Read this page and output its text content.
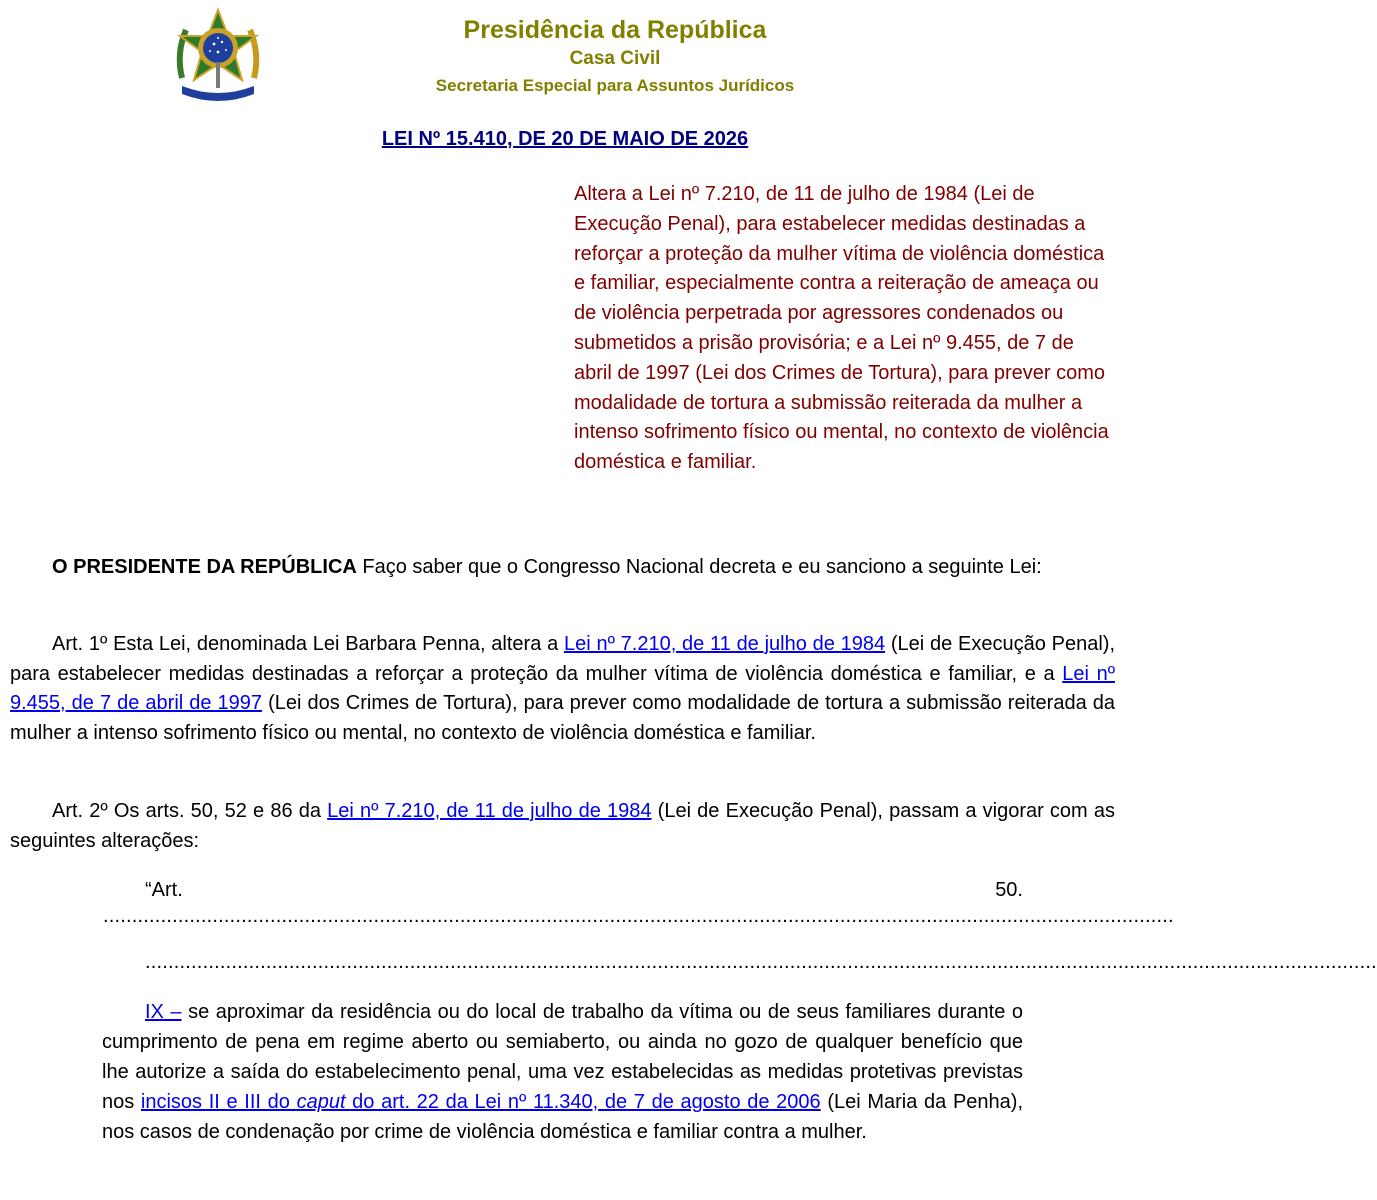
Presidência da República
Casa Civil
Secretaria Especial para Assuntos Jurídicos
LEI Nº 15.410, DE 20 DE MAIO DE 2026
Altera a Lei nº 7.210, de 11 de julho de 1984 (Lei de Execução Penal), para estabelecer medidas destinadas a reforçar a proteção da mulher vítima de violência doméstica e familiar, especialmente contra a reiteração de ameaça ou de violência perpetrada por agressores condenados ou submetidos a prisão provisória; e a Lei nº 9.455, de 7 de abril de 1997 (Lei dos Crimes de Tortura), para prever como modalidade de tortura a submissão reiterada da mulher a intenso sofrimento físico ou mental, no contexto de violência doméstica e familiar.

O PRESIDENTE DA REPÚBLICA Faço saber que o Congresso Nacional decreta e eu sanciono a seguinte Lei:

Art. 1º Esta Lei, denominada Lei Barbara Penna, altera a Lei nº 7.210, de 11 de julho de 1984 (Lei de Execução Penal), para estabelecer medidas destinadas a reforçar a proteção da mulher vítima de violência doméstica e familiar, e a Lei nº 9.455, de 7 de abril de 1997 (Lei dos Crimes de Tortura), para prever como modalidade de tortura a submissão reiterada da mulher a intenso sofrimento físico ou mental, no contexto de violência doméstica e familiar.

Art. 2º Os arts. 50, 52 e 86 da Lei nº 7.210, de 11 de julho de 1984 (Lei de Execução Penal), passam a vigorar com as seguintes alterações:

“Art.	50.
..........................................................................................................................................................................................
......................................................................................................................................................................................................................

IX – se aproximar da residência ou do local de trabalho da vítima ou de seus familiares durante o cumprimento de pena em regime aberto ou semiaberto, ou ainda no gozo de qualquer benefício que lhe autorize a saída do estabelecimento penal, uma vez estabelecidas as medidas protetivas previstas nos incisos II e III do caput do art. 22 da Lei nº 11.340, de 7 de agosto de 2006 (Lei Maria da Penha), nos casos de condenação por crime de violência doméstica e familiar contra a mulher.
